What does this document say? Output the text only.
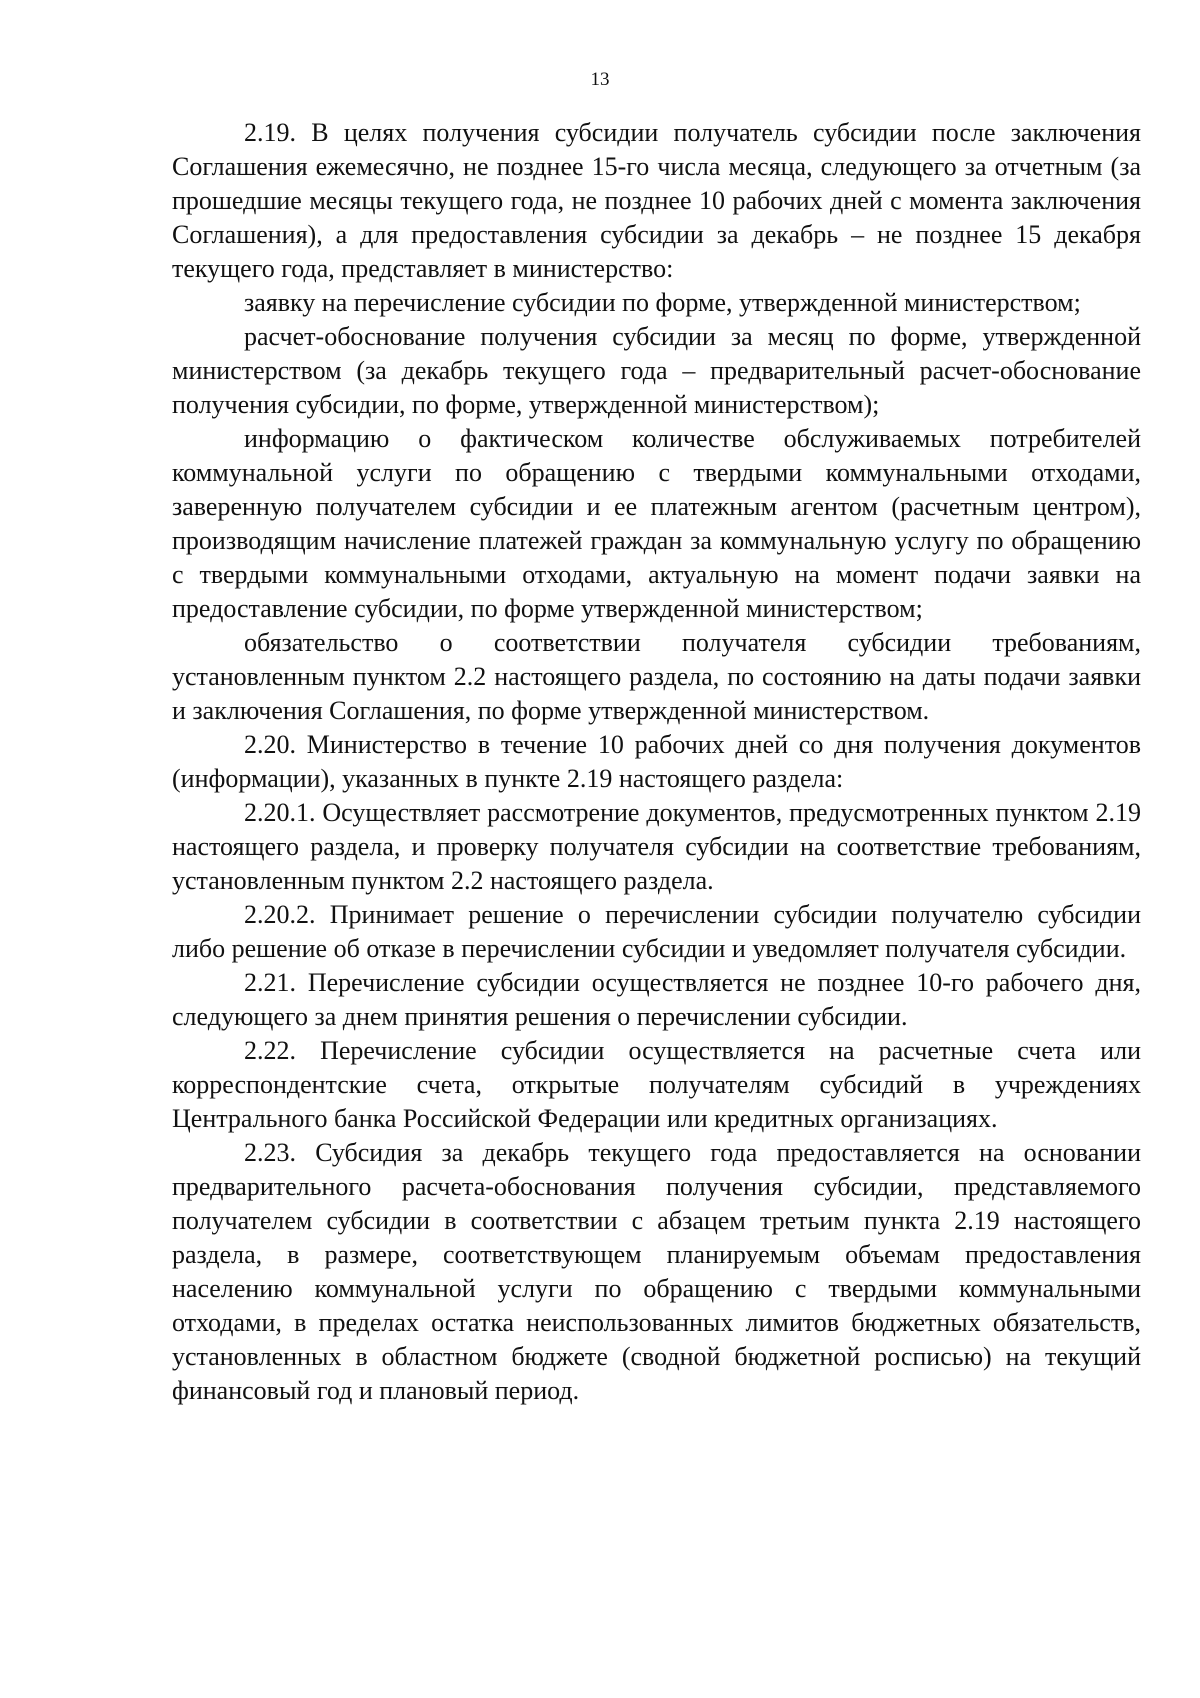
13

2.19. В целях получения субсидии получатель субсидии после заключения Соглашения ежемесячно, не позднее 15-го числа месяца, следующего за отчетным (за прошедшие месяцы текущего года, не позднее 10 рабочих дней с момента заключения Соглашения), а для предоставления субсидии за декабрь – не позднее 15 декабря текущего года, представляет в министерство:

заявку на перечисление субсидии по форме, утвержденной министерством;

расчет-обоснование получения субсидии за месяц по форме, утвержденной министерством (за декабрь текущего года – предварительный расчет-обоснование получения субсидии, по форме, утвержденной министерством);

информацию о фактическом количестве обслуживаемых потребителей коммунальной услуги по обращению с твердыми коммунальными отходами, заверенную получателем субсидии и ее платежным агентом (расчетным центром), производящим начисление платежей граждан за коммунальную услугу по обращению с твердыми коммунальными отходами, актуальную на момент подачи заявки на предоставление субсидии, по форме утвержденной министерством;

обязательство о соответствии получателя субсидии требованиям, установленным пунктом 2.2 настоящего раздела, по состоянию на даты подачи заявки и заключения Соглашения, по форме утвержденной министерством.

2.20. Министерство в течение 10 рабочих дней со дня получения документов (информации), указанных в пункте 2.19 настоящего раздела:

2.20.1. Осуществляет рассмотрение документов, предусмотренных пунктом 2.19 настоящего раздела, и проверку получателя субсидии на соответствие требованиям, установленным пунктом 2.2 настоящего раздела.

2.20.2. Принимает решение о перечислении субсидии получателю субсидии либо решение об отказе в перечислении субсидии и уведомляет получателя субсидии.

2.21. Перечисление субсидии осуществляется не позднее 10-го рабочего дня, следующего за днем принятия решения о перечислении субсидии.

2.22. Перечисление субсидии осуществляется на расчетные счета или корреспондентские счета, открытые получателям субсидий в учреждениях Центрального банка Российской Федерации или кредитных организациях.

2.23. Субсидия за декабрь текущего года предоставляется на основании предварительного расчета-обоснования получения субсидии, представляемого получателем субсидии в соответствии с абзацем третьим пункта 2.19 настоящего раздела, в размере, соответствующем планируемым объемам предоставления населению коммунальной услуги по обращению с твердыми коммунальными отходами, в пределах остатка неиспользованных лимитов бюджетных обязательств, установленных в областном бюджете (сводной бюджетной росписью) на текущий финансовый год и плановый период.
